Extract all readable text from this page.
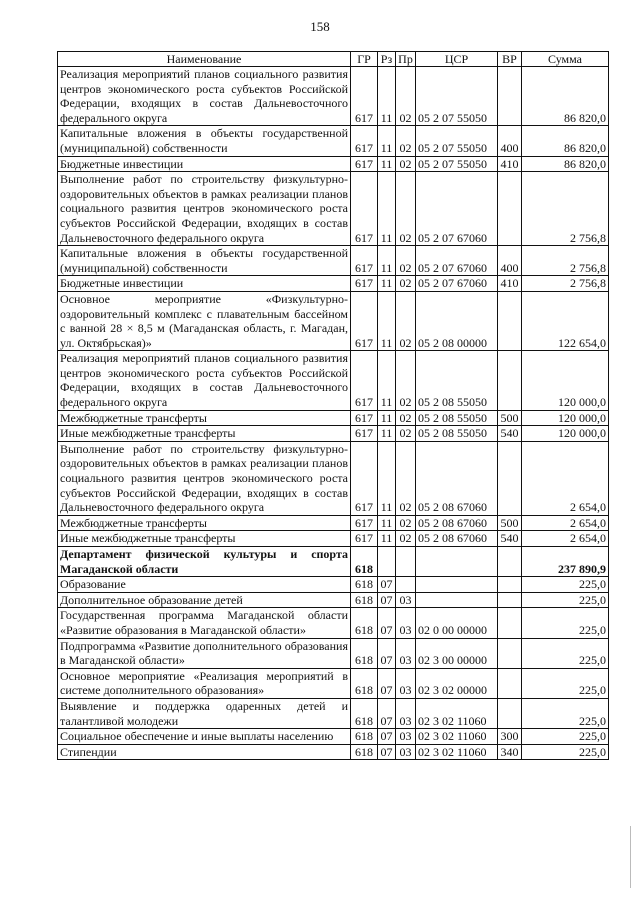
158
Наименование	ГР	Рз	Пр	ЦСР	ВР	Сумма
Реализация мероприятий планов социального развития центров экономического роста субъектов Российской Федерации, входящих в состав Дальневосточного федерального округа	617	11	02	05 2 07 55050		86 820,0
Капитальные вложения в объекты государственной (муниципальной) собственности	617	11	02	05 2 07 55050	400	86 820,0
Бюджетные инвестиции	617	11	02	05 2 07 55050	410	86 820,0
Выполнение работ по строительству физкультурно-оздоровительных объектов в рамках реализации планов социального развития центров экономического роста субъектов Российской Федерации, входящих в состав Дальневосточного федерального округа	617	11	02	05 2 07 67060		2 756,8
Капитальные вложения в объекты государственной (муниципальной) собственности	617	11	02	05 2 07 67060	400	2 756,8
Бюджетные инвестиции	617	11	02	05 2 07 67060	410	2 756,8
Основное мероприятие «Физкультурно-оздоровительный комплекс с плавательным бассейном с ванной 28 × 8,5 м (Магаданская область, г. Магадан, ул. Октябрьская)»	617	11	02	05 2 08 00000		122 654,0
Реализация мероприятий планов социального развития центров экономического роста субъектов Российской Федерации, входящих в состав Дальневосточного федерального округа	617	11	02	05 2 08 55050		120 000,0
Межбюджетные трансферты	617	11	02	05 2 08 55050	500	120 000,0
Иные межбюджетные трансферты	617	11	02	05 2 08 55050	540	120 000,0
Выполнение работ по строительству физкультурно-оздоровительных объектов в рамках реализации планов социального развития центров экономического роста субъектов Российской Федерации, входящих в состав Дальневосточного федерального округа	617	11	02	05 2 08 67060		2 654,0
Межбюджетные трансферты	617	11	02	05 2 08 67060	500	2 654,0
Иные межбюджетные трансферты	617	11	02	05 2 08 67060	540	2 654,0
Департамент физической культуры и спорта Магаданской области	618					237 890,9
Образование	618	07				225,0
Дополнительное образование детей	618	07	03			225,0
Государственная программа Магаданской области «Развитие образования в Магаданской области»	618	07	03	02 0 00 00000		225,0
Подпрограмма «Развитие дополнительного образования в Магаданской области»	618	07	03	02 3 00 00000		225,0
Основное мероприятие «Реализация мероприятий в системе дополнительного образования»	618	07	03	02 3 02 00000		225,0
Выявление и поддержка одаренных детей и талантливой молодежи	618	07	03	02 3 02 11060		225,0
Социальное обеспечение и иные выплаты населению	618	07	03	02 3 02 11060	300	225,0
Стипендии	618	07	03	02 3 02 11060	340	225,0
